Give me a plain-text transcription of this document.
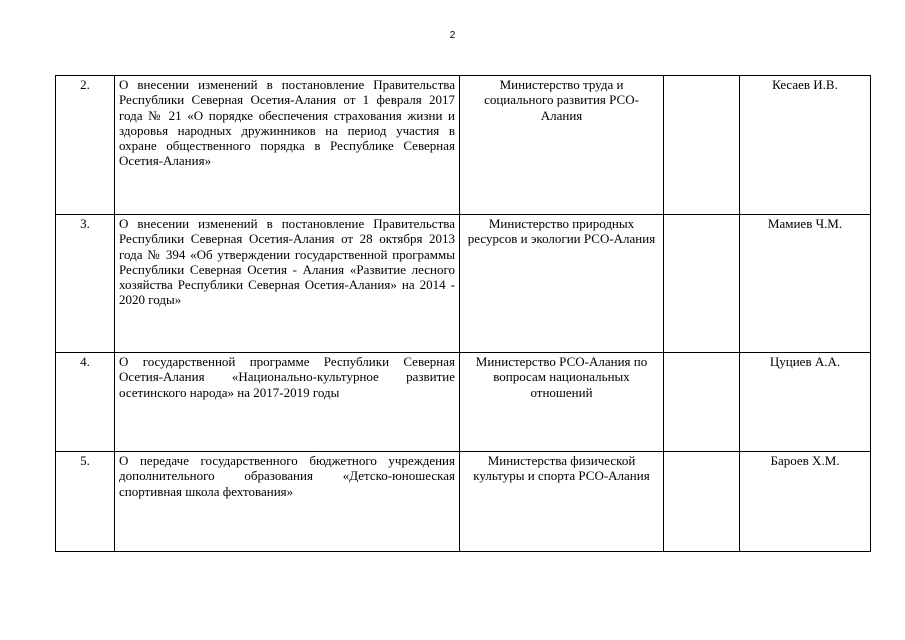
2
2.	О внесении изменений в постановление Правительства Республики Северная Осетия-Алания от 1 февраля 2017 года № 21 «О порядке обеспечения страхования жизни и здоровья народных дружинников на период участия в охране общественного порядка в Республике Северная Осетия-Алания»	Министерство труда и социального развития РСО-Алания		Кесаев И.В.
3.	О внесении изменений в постановление Правительства Республики Северная Осетия-Алания от 28 октября 2013 года № 394 «Об утверждении государственной программы Республики Северная Осетия - Алания «Развитие лесного хозяйства Республики Северная Осетия-Алания» на 2014 - 2020 годы»	Министерство природных ресурсов и экологии РСО-Алания		Мамиев Ч.М.
4.	О государственной программе Республики Северная Осетия-Алания «Национально-культурное развитие осетинского народа» на 2017-2019 годы	Министерство РСО-Алания по вопросам национальных отношений		Цуциев А.А.
5.	О передаче государственного бюджетного учреждения дополнительного образования «Детско-юношеская спортивная школа фехтования»	Министерства физической культуры и спорта РСО-Алания		Бароев Х.М.
